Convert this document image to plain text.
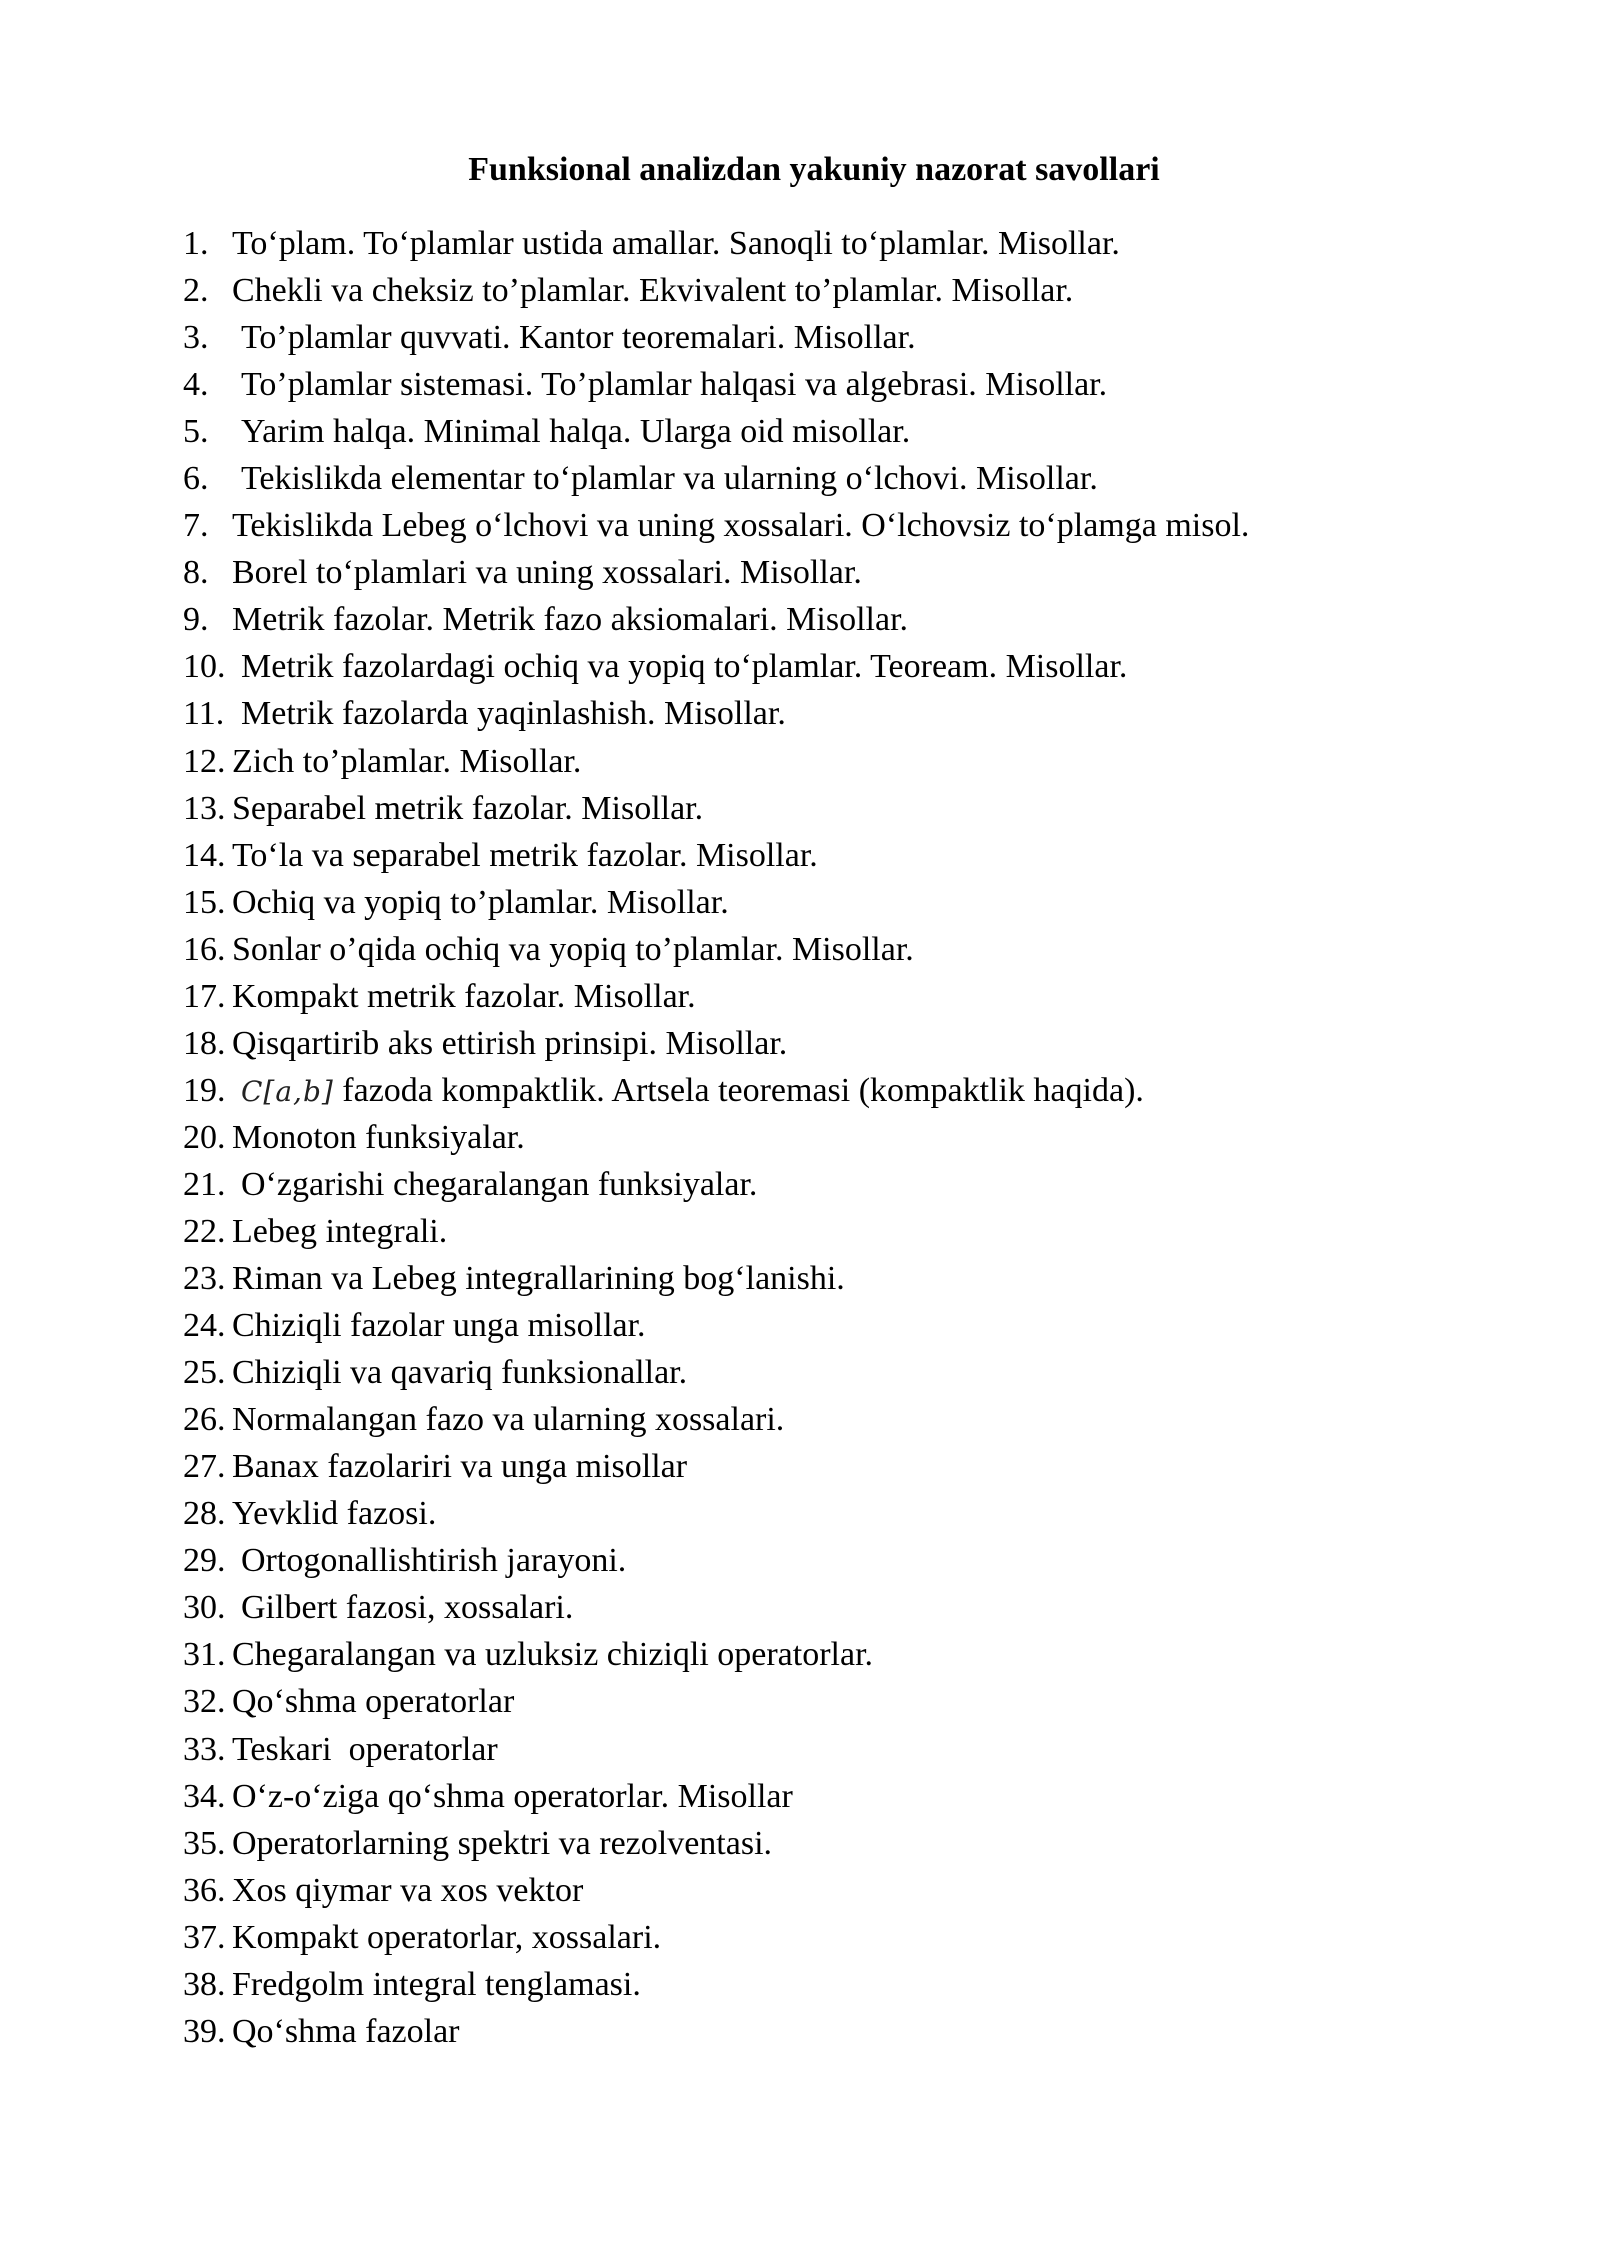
Funksional analizdan yakuniy nazorat savollari
1. To‘plam. To‘plamlar ustida amallar. Sanoqli to‘plamlar. Misollar.
2. Chekli va cheksiz to’plamlar. Ekvivalent to’plamlar. Misollar.
3. To’plamlar quvvati. Kantor teoremalari. Misollar.
4. To’plamlar sistemasi. To’plamlar halqasi va algebrasi. Misollar.
5. Yarim halqa. Minimal halqa. Ularga oid misollar.
6. Tekislikda elementar to‘plamlar va ularning o‘lchovi. Misollar.
7. Tekislikda Lebeg o‘lchovi va uning xossalari. O‘lchovsiz to‘plamga misol.
8. Borel to‘plamlari va uning xossalari. Misollar.
9. Metrik fazolar. Metrik fazo aksiomalari. Misollar.
10. Metrik fazolardagi ochiq va yopiq to‘plamlar. Teoream. Misollar.
11. Metrik fazolarda yaqinlashish. Misollar.
12. Zich to’plamlar. Misollar.
13. Separabel metrik fazolar. Misollar.
14. To‘la va separabel metrik fazolar. Misollar.
15. Ochiq va yopiq to’plamlar. Misollar.
16. Sonlar o’qida ochiq va yopiq to’plamlar. Misollar.
17. Kompakt metrik fazolar. Misollar.
18. Qisqartirib aks ettirish prinsipi. Misollar.
19. C[a,b] fazoda kompaktlik. Artsela teoremasi (kompaktlik haqida).
20. Monoton funksiyalar.
21. O‘zgarishi chegaralangan funksiyalar.
22. Lebeg integrali.
23. Riman va Lebeg integrallarining bog‘lanishi.
24. Chiziqli fazolar unga misollar.
25. Chiziqli va qavariq funksionallar.
26. Normalangan fazo va ularning xossalari.
27. Banax fazolariri va unga misollar
28. Yevklid fazosi.
29. Ortogonallishtirish jarayoni.
30. Gilbert fazosi, xossalari.
31. Chegaralangan va uzluksiz chiziqli operatorlar.
32. Qo‘shma operatorlar
33. Teskari  operatorlar
34. O‘z-o‘ziga qo‘shma operatorlar. Misollar
35. Operatorlarning spektri va rezolventasi.
36. Xos qiymar va xos vektor
37. Kompakt operatorlar, xossalari.
38. Fredgolm integral tenglamasi.
39. Qo‘shma fazolar
